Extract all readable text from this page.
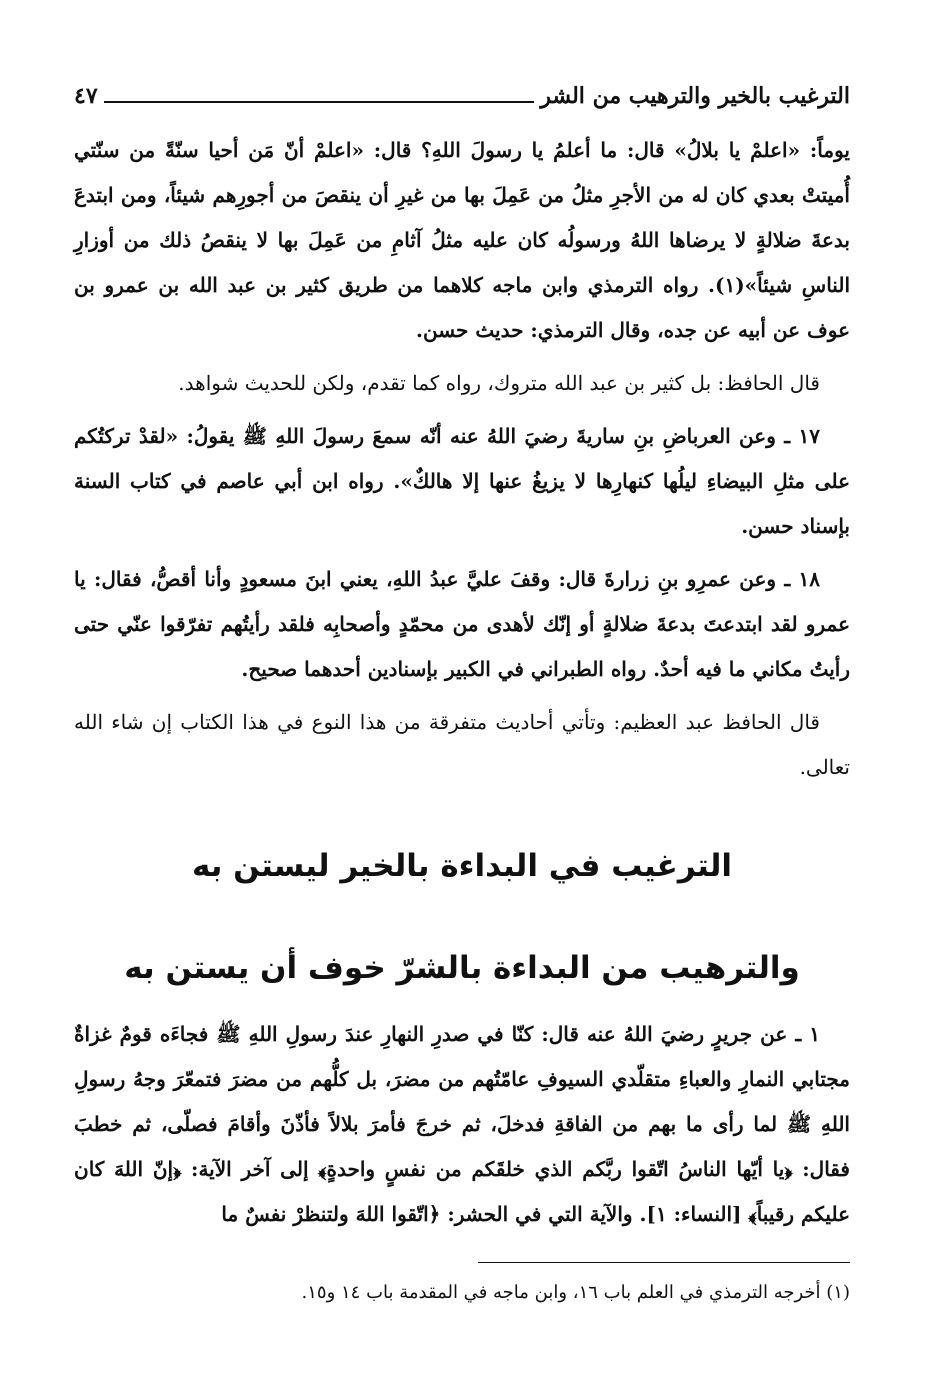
الترغيب بالخير والترهيب من الشر
٤٧

يوماً: «اعلمْ يا بلالُ» قال: ما أعلمُ يا رسولَ اللهِ؟ قال: «اعلمْ أنّ مَن أحيا سنّةً من سنّتي أُميتتْ بعدي كان له من الأجرِ مثلُ من عَمِلَ بها من غيرِ أن ينقصَ من أجورِهم شيئاً، ومن ابتدعَ بدعةَ ضلالةٍ لا يرضاها اللهُ ورسولُه كان عليه مثلُ آثامِ من عَمِلَ بها لا ينقصُ ذلك من أوزارِ الناسِ شيئاً»(١). رواه الترمذي وابن ماجه كلاهما من طريق كثير بن عبد الله بن عمرو بن عوف عن أبيه عن جده، وقال الترمذي: حديث حسن.

قال الحافظ: بل كثير بن عبد الله متروك، رواه كما تقدم، ولكن للحديث شواهد.

١٧ ـ وعن العرباضِ بنِ ساريةَ رضيَ اللهُ عنه أنّه سمعَ رسولَ اللهِ ﷺ يقولُ: «لقدْ تركتُكم على مثلِ البيضاءِ ليلُها كنهارِها لا يزيغُ عنها إلا هالكٌ». رواه ابن أبي عاصم في كتاب السنة بإسناد حسن.

١٨ ـ وعن عمرِو بنِ زرارةَ قال: وقفَ عليَّ عبدُ اللهِ، يعني ابنَ مسعودٍ وأنا أقصُّ، فقال: يا عمرو لقد ابتدعتَ بدعةَ ضلالةٍ أو إنّك لأهدى من محمّدٍ وأصحابِه فلقد رأيتُهم تفرّقوا عنّي حتى رأيتُ مكاني ما فيه أحدٌ. رواه الطبراني في الكبير بإسنادين أحدهما صحيح.

قال الحافظ عبد العظيم: وتأتي أحاديث متفرقة من هذا النوع في هذا الكتاب إن شاء الله تعالى.

الترغيب في البداءة بالخير ليستن به
والترهيب من البداءة بالشرّ خوف أن يستن به

١ ـ عن جريرٍ رضيَ اللهُ عنه قال: كنّا في صدرِ النهارِ عندَ رسولِ اللهِ ﷺ فجاءَه قومٌ غزاةٌ مجتابي النمارِ والعباءِ متقلّدي السيوفِ عامّتُهم من مضرَ، بل كلُّهم من مضرَ فتمعّرَ وجهُ رسولِ اللهِ ﷺ لما رأى ما بهم من الفاقةِ فدخلَ، ثم خرجَ فأمرَ بلالاً فأذّنَ وأقامَ فصلّى، ثم خطبَ فقال: ﴿يا أيّها الناسُ اتّقوا ربَّكم الذي خلقَكم من نفسٍ واحدةٍ﴾ إلى آخر الآية: ﴿إنّ اللهَ كان عليكم رقيباً﴾ [النساء: ١]. والآية التي في الحشر: ﴿اتّقوا اللهَ ولتنظرْ نفسٌ ما

(١) أخرجه الترمذي في العلم باب ١٦، وابن ماجه في المقدمة باب ١٤ و١٥.
